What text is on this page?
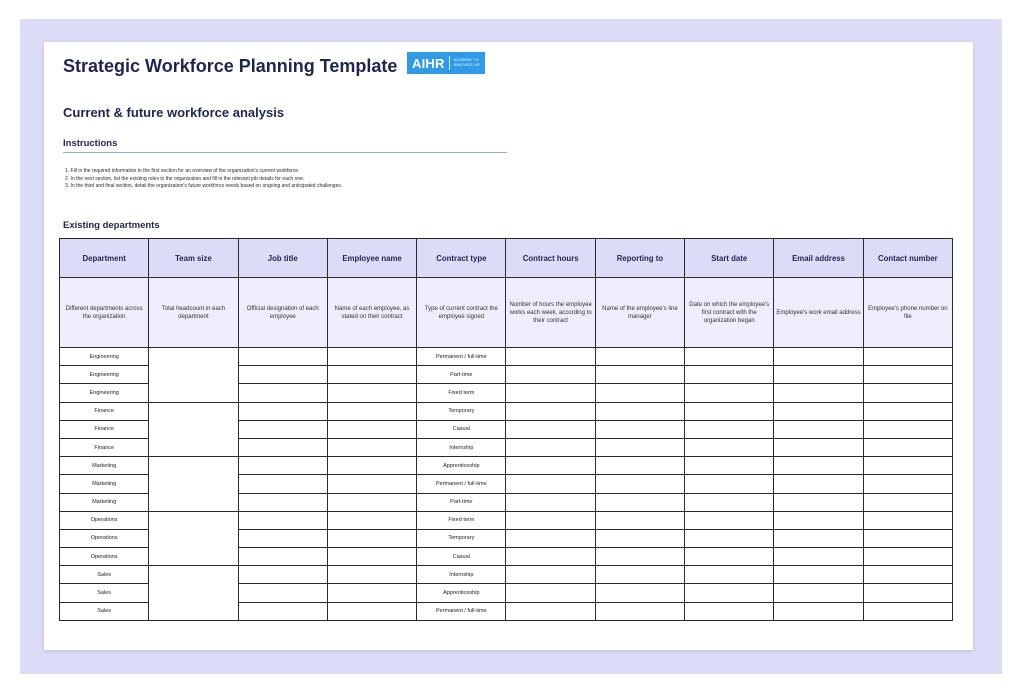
Strategic Workforce Planning Template	AIHR	ACADEMY TO
INNOVATE HR
Current & future workforce analysis
Instructions
1. Fill in the required information in the first section for an overview of the organization's current workforce.
2. In the next section, list the existing roles in the organization and fill in the relevant job details for each one.
3. In the third and final section, detail the organization's future workforce needs based on ongoing and anticipated challenges.
Existing departments
Department	Team size	Job title	Employee name	Contract type	Contract hours	Reporting to	Start date	Email address	Contact number
Different departments across the organization	Total headcount in each department	Official designation of each employee	Name of each employee, as stated on their contract	Type of current contract the employee signed	Number of hours the employee works each week, according to their contract	Name of the employee's line manager	Date on which the employee's first contract with the organization began	Employee's work email address	Employee's phone number on file
Engineering				Permanent / full-time					
Engineering				Part-time					
Engineering				Fixed term					
Finance				Temporary					
Finance				Casual					
Finance				Internship					
Marketing				Apprenticeship					
Marketing				Permanent / full-time					
Marketing				Part-time					
Operations				Fixed term					
Operations				Temporary					
Operations				Casual					
Sales				Internship					
Sales				Apprenticeship					
Sales				Permanent / full-time					
